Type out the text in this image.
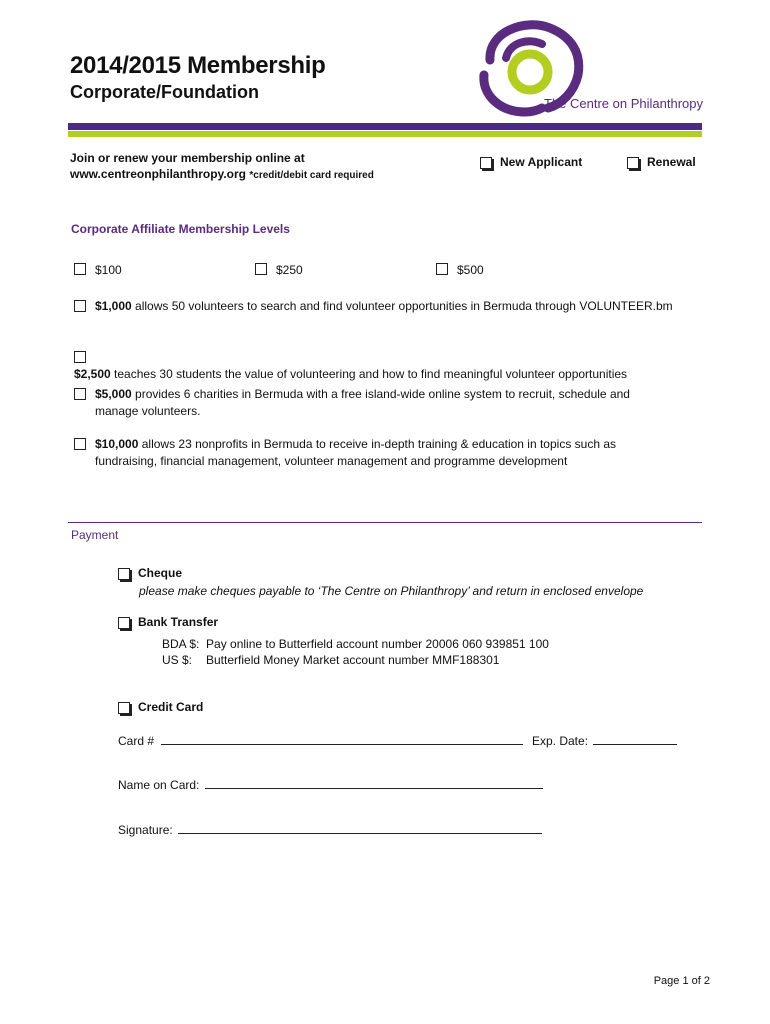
2014/2015 Membership
Corporate/Foundation
The Centre on Philanthropy
Join or renew your membership online at
www.centreonphilanthropy.org *credit/debit card required
New Applicant	Renewal
Corporate Affiliate Membership Levels
$100	$250	$500
$1,000 allows 50 volunteers to search and find volunteer opportunities in Bermuda through VOLUNTEER.bm
$2,500 teaches 30 students the value of volunteering and how to find meaningful volunteer opportunities
$5,000 provides 6 charities in Bermuda with a free island-wide online system to recruit, schedule and manage volunteers.
$10,000 allows 23 nonprofits in Bermuda to receive in-depth training & education in topics such as fundraising, financial management, volunteer management and programme development
Payment
Cheque
please make cheques payable to ‘The Centre on Philanthropy’ and return in enclosed envelope
Bank Transfer
BDA $: Pay online to Butterfield account number 20006 060 939851 100
US $: Butterfield Money Market account number MMF188301
Credit Card
Card #	Exp. Date:
Name on Card:
Signature:
Page 1 of 2
